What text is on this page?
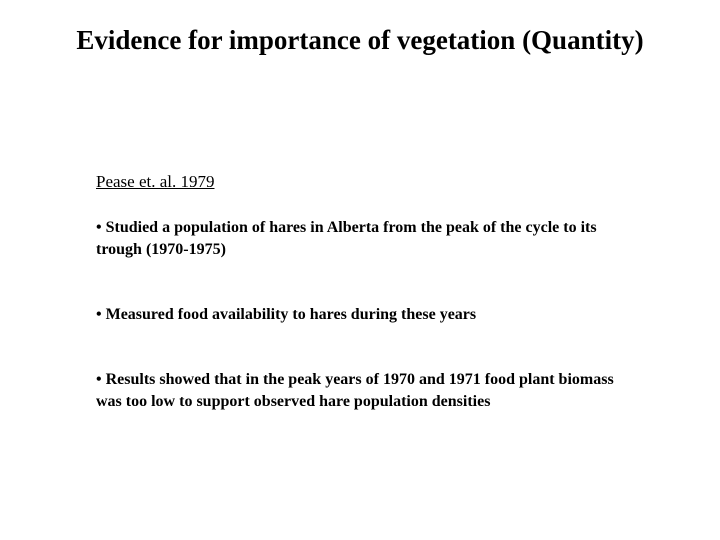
Evidence for importance of vegetation (Quantity)

Pease et. al. 1979

• Studied a population of hares in Alberta from the peak of the cycle to its trough (1970-1975)

• Measured food availability to hares during these years

• Results showed that in the peak years of 1970 and 1971 food plant biomass was too low to support observed hare population densities
